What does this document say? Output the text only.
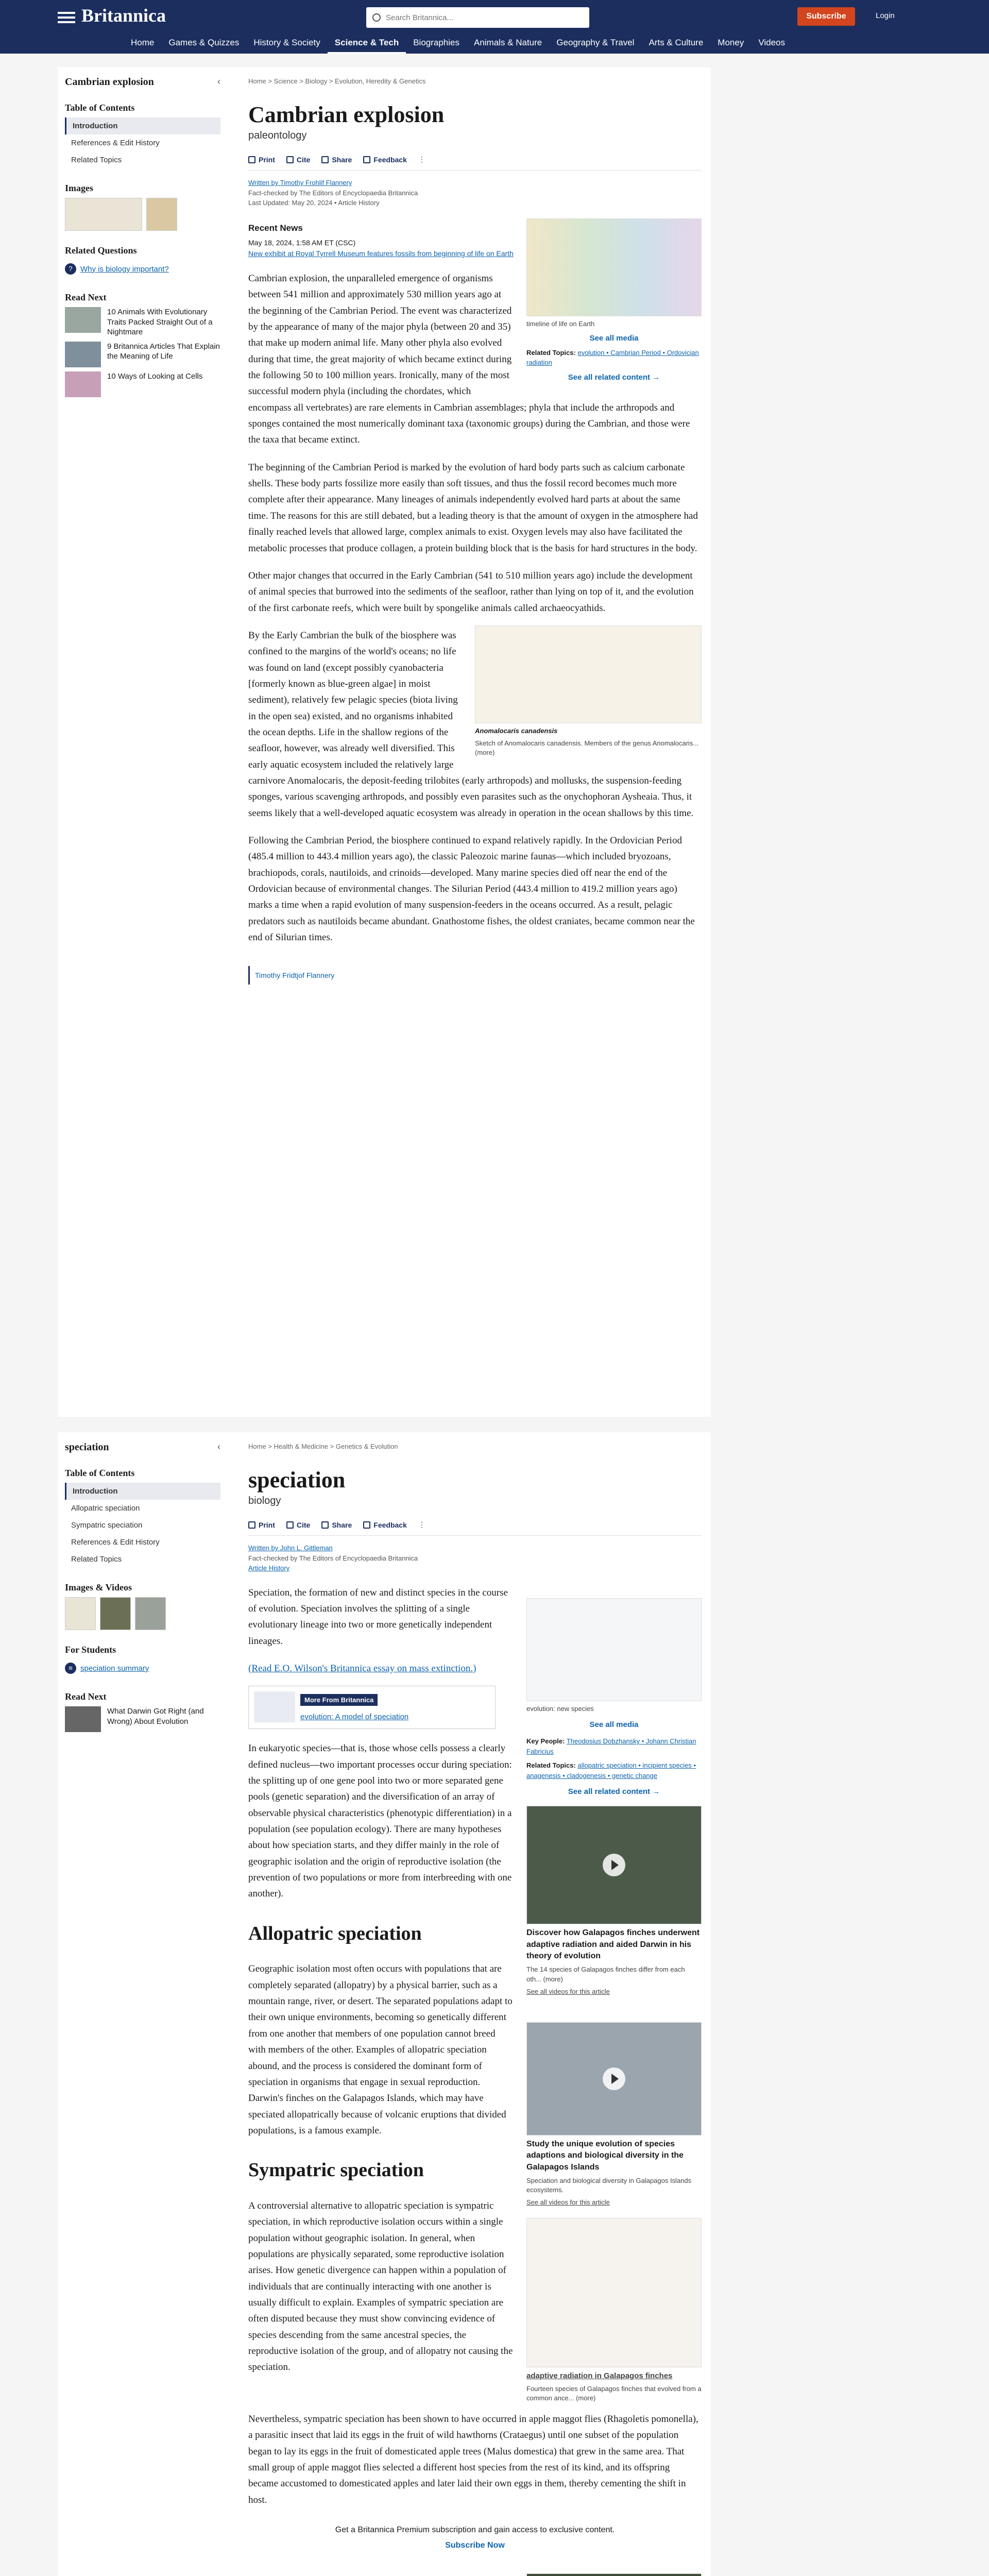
Britannica	Search Britannica...	Subscribe	Login
Home	Games & Quizzes	History & Society	Science & Tech	Biographies	Animals & Nature	Geography & Travel	Arts & Culture	Money	Videos
Cambrian explosion	‹
Table of Contents
Introduction
References & Edit History
Related Topics
Images
Related Questions
?	Why is biology important?
Read Next
10 Animals With Evolutionary Traits Packed Straight Out of a Nightmare
9 Britannica Articles That Explain the Meaning of Life
10 Ways of Looking at Cells
Home > Science > Biology > Evolution, Heredity & Genetics
Cambrian explosion
paleontology
Print	Cite	Share	Feedback ⋮
Written by Timothy Frohlif Flannery
Fact-checked by The Editors of Encyclopaedia Britannica
Last Updated: May 20, 2024 • Article History
timeline of life on Earth
See all media
Related Topics: evolution • Cambrian Period • Ordovician radiation
See all related content →
Recent News
May 18, 2024, 1:58 AM ET (CSC)
New exhibit at Royal Tyrrell Museum features fossils from beginning of life on Earth

Cambrian explosion, the unparalleled emergence of organisms between 541 million and approximately 530 million years ago at the beginning of the Cambrian Period. The event was characterized by the appearance of many of the major phyla (between 20 and 35) that make up modern animal life. Many other phyla also evolved during that time, the great majority of which became extinct during the following 50 to 100 million years. Ironically, many of the most successful modern phyla (including the chordates, which encompass all vertebrates) are rare elements in Cambrian assemblages; phyla that include the arthropods and sponges contained the most numerically dominant taxa (taxonomic groups) during the Cambrian, and those were the taxa that became extinct.

The beginning of the Cambrian Period is marked by the evolution of hard body parts such as calcium carbonate shells. These body parts fossilize more easily than soft tissues, and thus the fossil record becomes much more complete after their appearance. Many lineages of animals independently evolved hard parts at about the same time. The reasons for this are still debated, but a leading theory is that the amount of oxygen in the atmosphere had finally reached levels that allowed large, complex animals to exist. Oxygen levels may also have facilitated the metabolic processes that produce collagen, a protein building block that is the basis for hard structures in the body.

Other major changes that occurred in the Early Cambrian (541 to 510 million years ago) include the development of animal species that burrowed into the sediments of the seafloor, rather than lying on top of it, and the evolution of the first carbonate reefs, which were built by spongelike animals called archaeocyathids.

Anomalocaris canadensis
Sketch of Anomalocaris canadensis. Members of the genus Anomalocaris... (more)

By the Early Cambrian the bulk of the biosphere was confined to the margins of the world's oceans; no life was found on land (except possibly cyanobacteria [formerly known as blue-green algae] in moist sediment), relatively few pelagic species (biota living in the open sea) existed, and no organisms inhabited the ocean depths. Life in the shallow regions of the seafloor, however, was already well diversified. This early aquatic ecosystem included the relatively large carnivore Anomalocaris, the deposit-feeding trilobites (early arthropods) and mollusks, the suspension-feeding sponges, various scavenging arthropods, and possibly even parasites such as the onychophoran Aysheaia. Thus, it seems likely that a well-developed aquatic ecosystem was already in operation in the ocean shallows by this time.

Following the Cambrian Period, the biosphere continued to expand relatively rapidly. In the Ordovician Period (485.4 million to 443.4 million years ago), the classic Paleozoic marine faunas—which included bryozoans, brachiopods, corals, nautiloids, and crinoids—developed. Many marine species died off near the end of the Ordovician because of environmental changes. The Silurian Period (443.4 million to 419.2 million years ago) marks a time when a rapid evolution of many suspension-feeders in the oceans occurred. As a result, pelagic predators such as nautiloids became abundant. Gnathostome fishes, the oldest craniates, became common near the end of Silurian times.

Timothy Fridtjof Flannery
speciation	‹
Table of Contents
Introduction
Allopatric speciation
Sympatric speciation
References & Edit History
Related Topics
Images & Videos
For Students
≡	speciation summary
Read Next
What Darwin Got Right (and Wrong) About Evolution
Home > Health & Medicine > Genetics & Evolution
speciation
biology
Print	Cite	Share	Feedback ⋮
Written by John L. Gittleman
Fact-checked by The Editors of Encyclopaedia Britannica
Article History
evolution: new species
See all media
Key People: Theodosius Dobzhansky • Johann Christian Fabricius
Related Topics: allopatric speciation • incipient species • anagenesis • cladogenesis • genetic change
See all related content →
Discover how Galapagos finches underwent adaptive radiation and aided Darwin in his theory of evolution
The 14 species of Galapagos finches differ from each oth... (more)
See all videos for this article
Study the unique evolution of species adaptions and biological diversity in the Galapagos Islands
Speciation and biological diversity in Galapagos Islands ecosystems.
See all videos for this article
adaptive radiation in Galapagos finches
Fourteen species of Galapagos finches that evolved from a common ance... (more)

Speciation, the formation of new and distinct species in the course of evolution. Speciation involves the splitting of a single evolutionary lineage into two or more genetically independent lineages.

(Read E.O. Wilson's Britannica essay on mass extinction.)

More From Britannica
evolution: A model of speciation

In eukaryotic species—that is, those whose cells possess a clearly defined nucleus—two important processes occur during speciation: the splitting up of one gene pool into two or more separated gene pools (genetic separation) and the diversification of an array of observable physical characteristics (phenotypic differentiation) in a population (see population ecology). There are many hypotheses about how speciation starts, and they differ mainly in the role of geographic isolation and the origin of reproductive isolation (the prevention of two populations or more from interbreeding with one another).

Allopatric speciation

Geographic isolation most often occurs with populations that are completely separated (allopatry) by a physical barrier, such as a mountain range, river, or desert. The separated populations adapt to their own unique environments, becoming so genetically different from one another that members of one population cannot breed with members of the other. Examples of allopatric speciation abound, and the process is considered the dominant form of speciation in organisms that engage in sexual reproduction. Darwin's finches on the Galapagos Islands, which may have speciated allopatrically because of volcanic eruptions that divided populations, is a famous example.

Sympatric speciation

A controversial alternative to allopatric speciation is sympatric speciation, in which reproductive isolation occurs within a single population without geographic isolation. In general, when populations are physically separated, some reproductive isolation arises. How genetic divergence can happen within a population of individuals that are continually interacting with one another is usually difficult to explain. Examples of sympatric speciation are often disputed because they must show convincing evidence of species descending from the same ancestral species, the reproductive isolation of the group, and of allopatry not causing the speciation.

Nevertheless, sympatric speciation has been shown to have occurred in apple maggot flies (Rhagoletis pomonella), a parasitic insect that laid its eggs in the fruit of wild hawthorns (Crataegus) until one subset of the population began to lay its eggs in the fruit of domesticated apple trees (Malus domestica) that grew in the same area. That small group of apple maggot flies selected a different host species from the rest of its kind, and its offspring became accustomed to domesticated apples and later laid their own eggs in them, thereby cementing the shift in host.

Get a Britannica Premium subscription and gain access to exclusive content.
Subscribe Now
